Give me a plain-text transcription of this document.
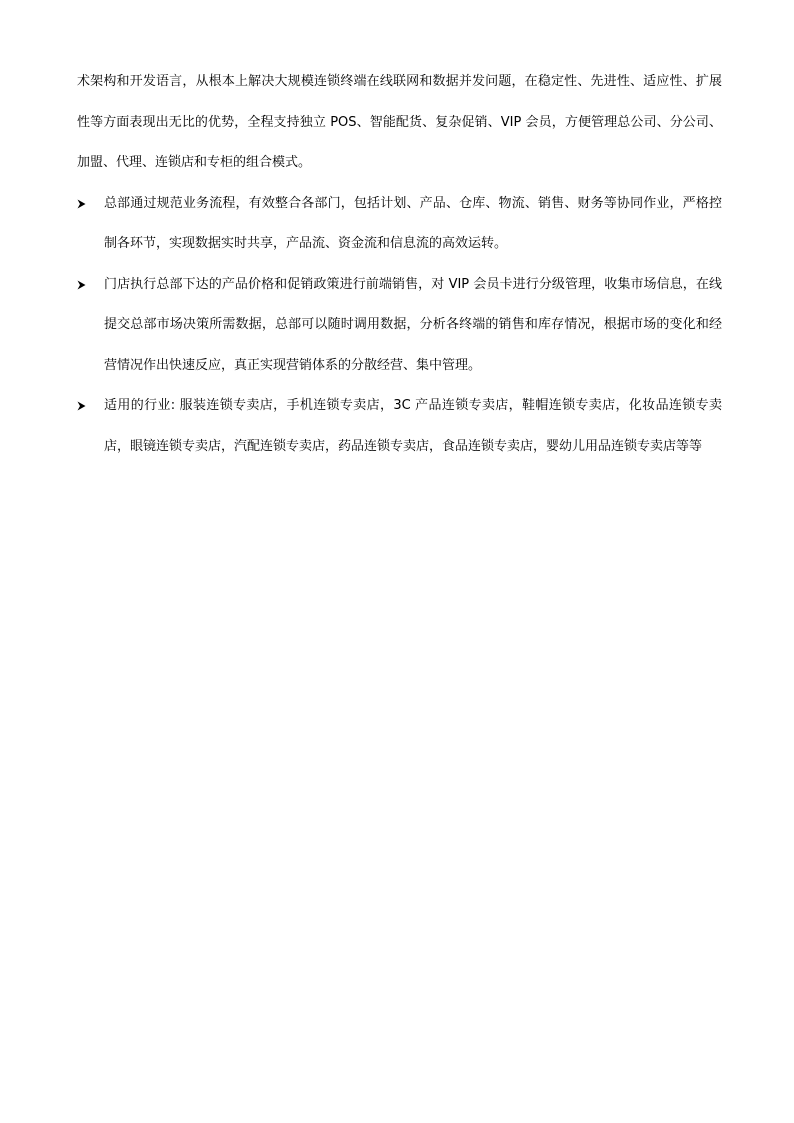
术架构和开发语言，从根本上解决大规模连锁终端在线联网和数据并发问题，在稳定性、先进性、适应性、扩展性等方面表现出无比的优势，全程支持独立 POS、智能配货、复杂促销、VIP 会员，方便管理总公司、分公司、加盟、代理、连锁店和专柜的组合模式。

总部通过规范业务流程，有效整合各部门，包括计划、产品、仓库、物流、销售、财务等协同作业，严格控制各环节，实现数据实时共享，产品流、资金流和信息流的高效运转。
门店执行总部下达的产品价格和促销政策进行前端销售，对 VIP 会员卡进行分级管理，收集市场信息，在线提交总部市场决策所需数据，总部可以随时调用数据，分析各终端的销售和库存情况，根据市场的变化和经营情况作出快速反应，真正实现营销体系的分散经营、集中管理。
适用的行业: 服装连锁专卖店，手机连锁专卖店，3C 产品连锁专卖店，鞋帽连锁专卖店，化妆品连锁专卖店，眼镜连锁专卖店，汽配连锁专卖店，药品连锁专卖店，食品连锁专卖店，婴幼儿用品连锁专卖店等等
